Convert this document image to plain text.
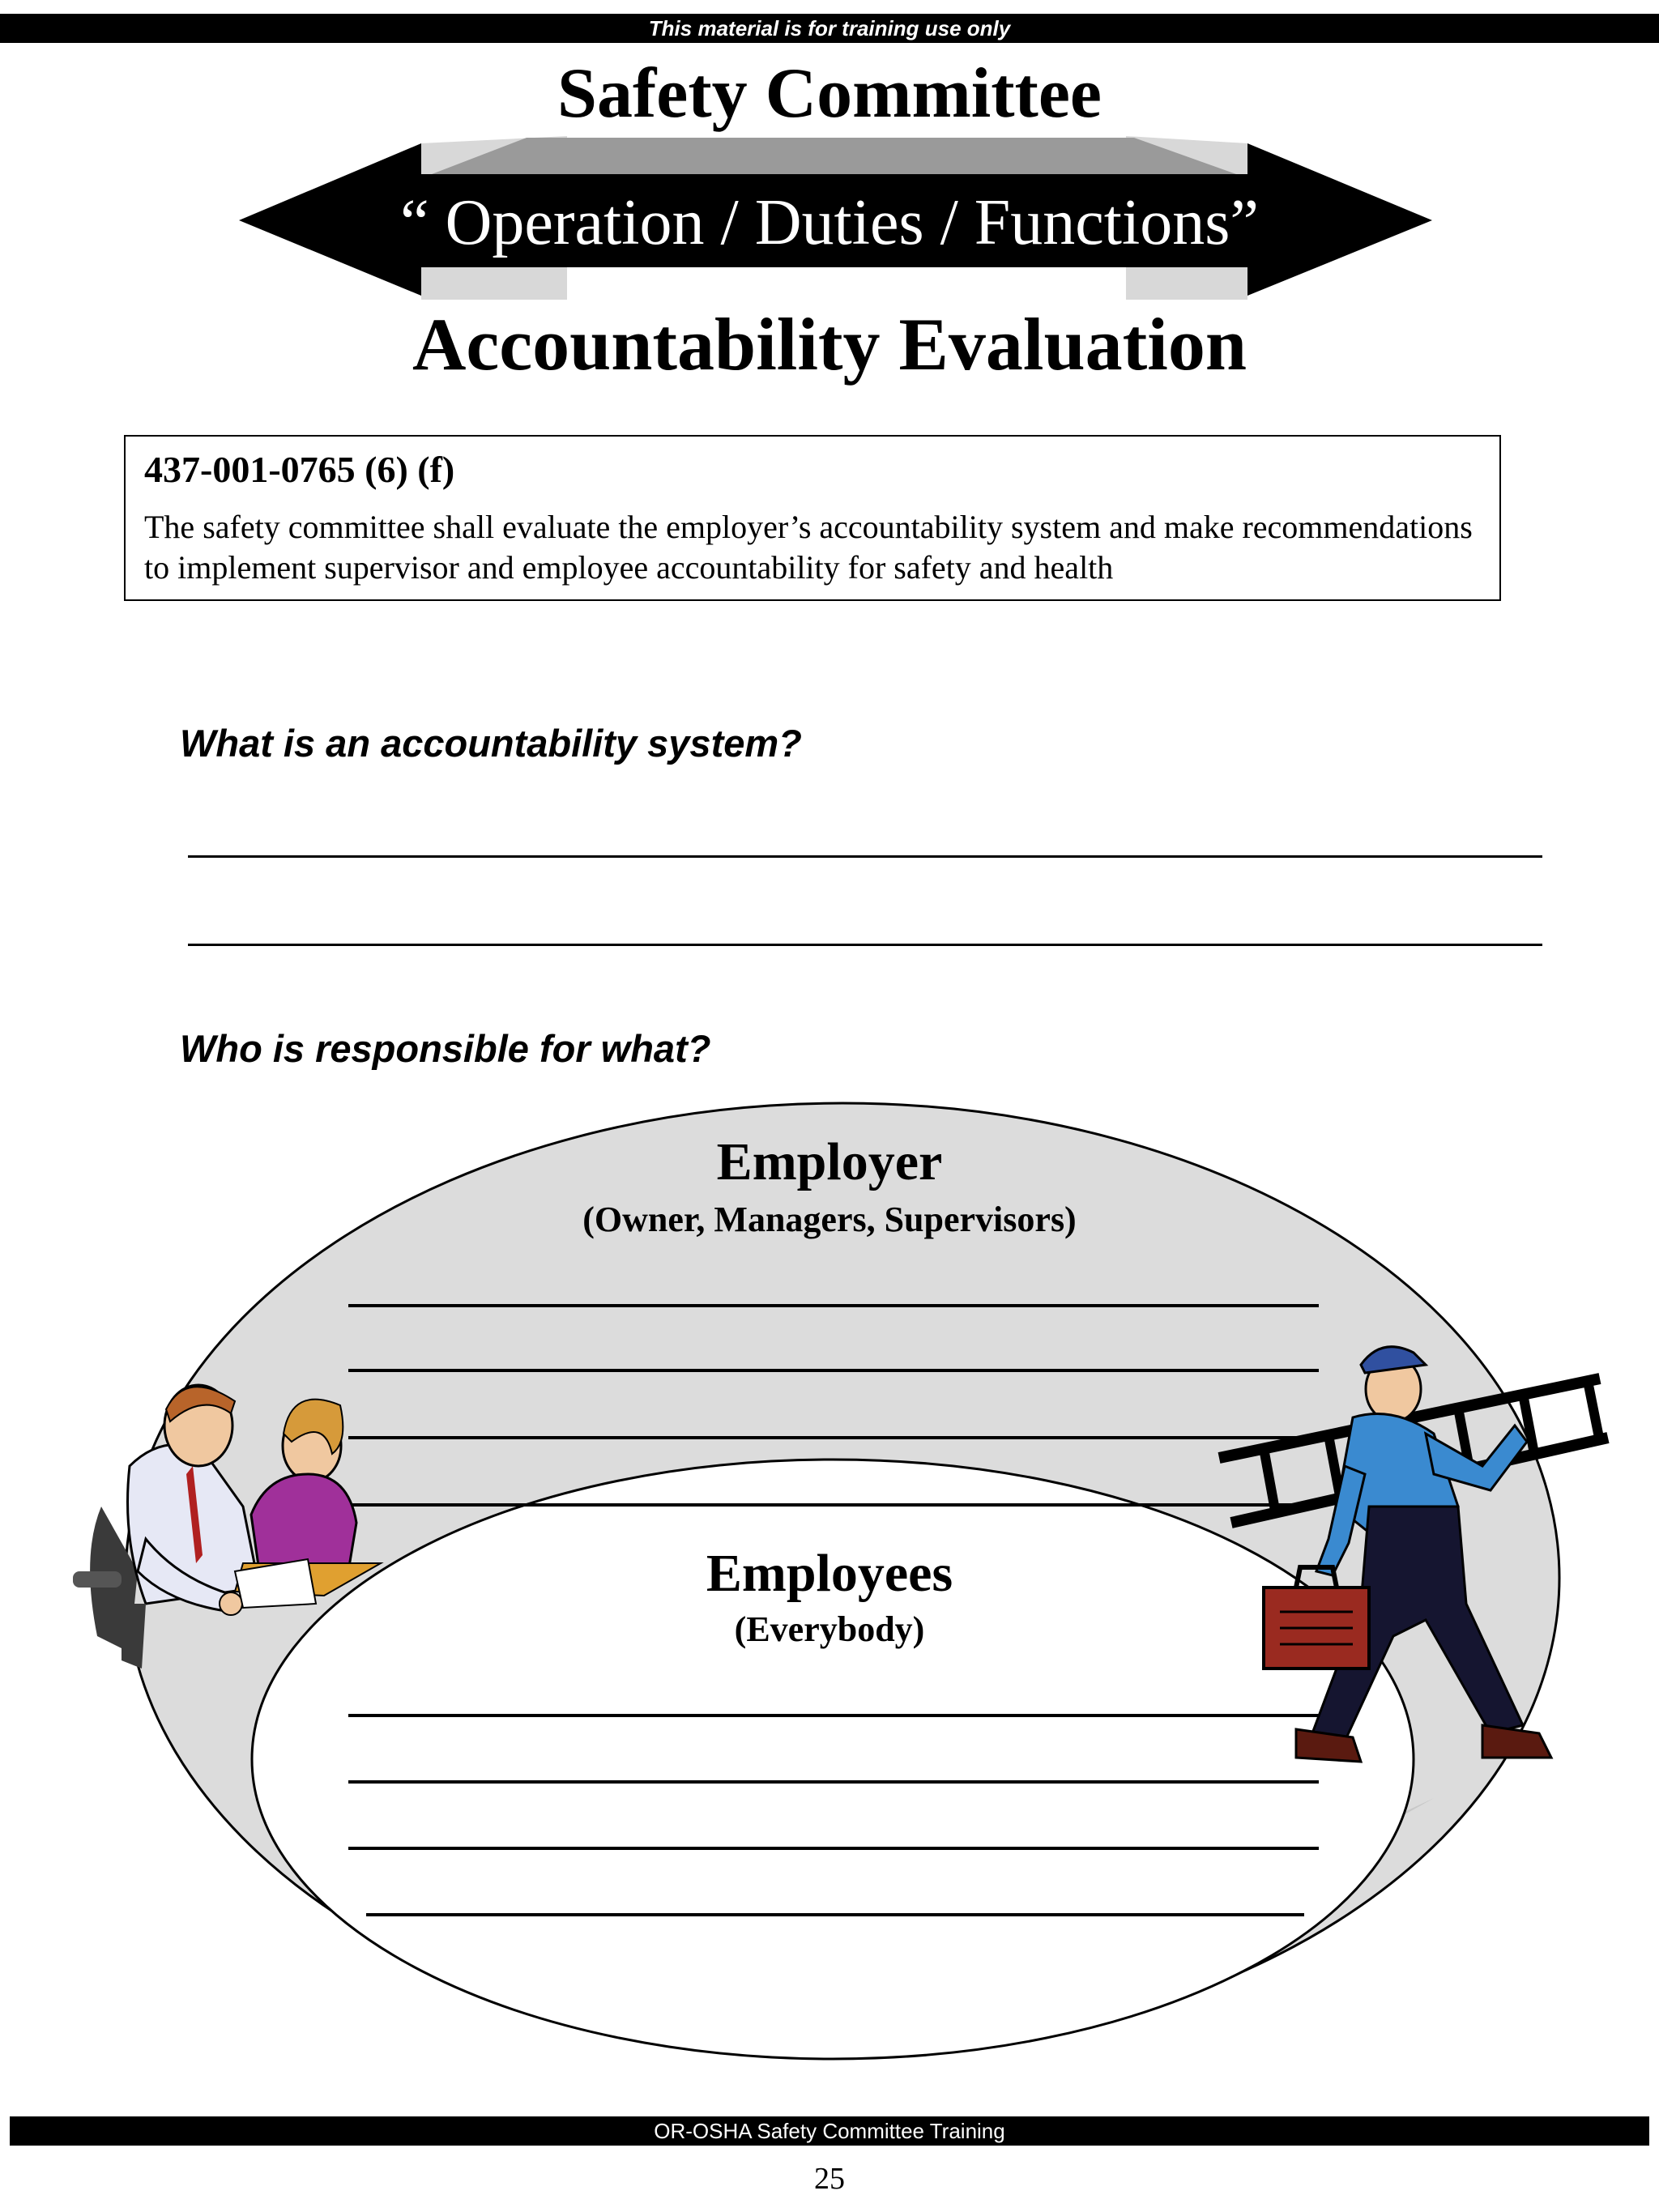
This material is for training use only
Safety Committee
“ Operation / Duties / Functions”
Accountability Evaluation
437-001-0765 (6) (f)
The safety committee shall evaluate the employer’s accountability system and make recommendations to implement supervisor and employee accountability for safety and health
What is an accountability system?
Who is responsible for what?
Employer
(Owner, Managers, Supervisors)
Employees
(Everybody)
OR-OSHA Safety Committee Training
25
